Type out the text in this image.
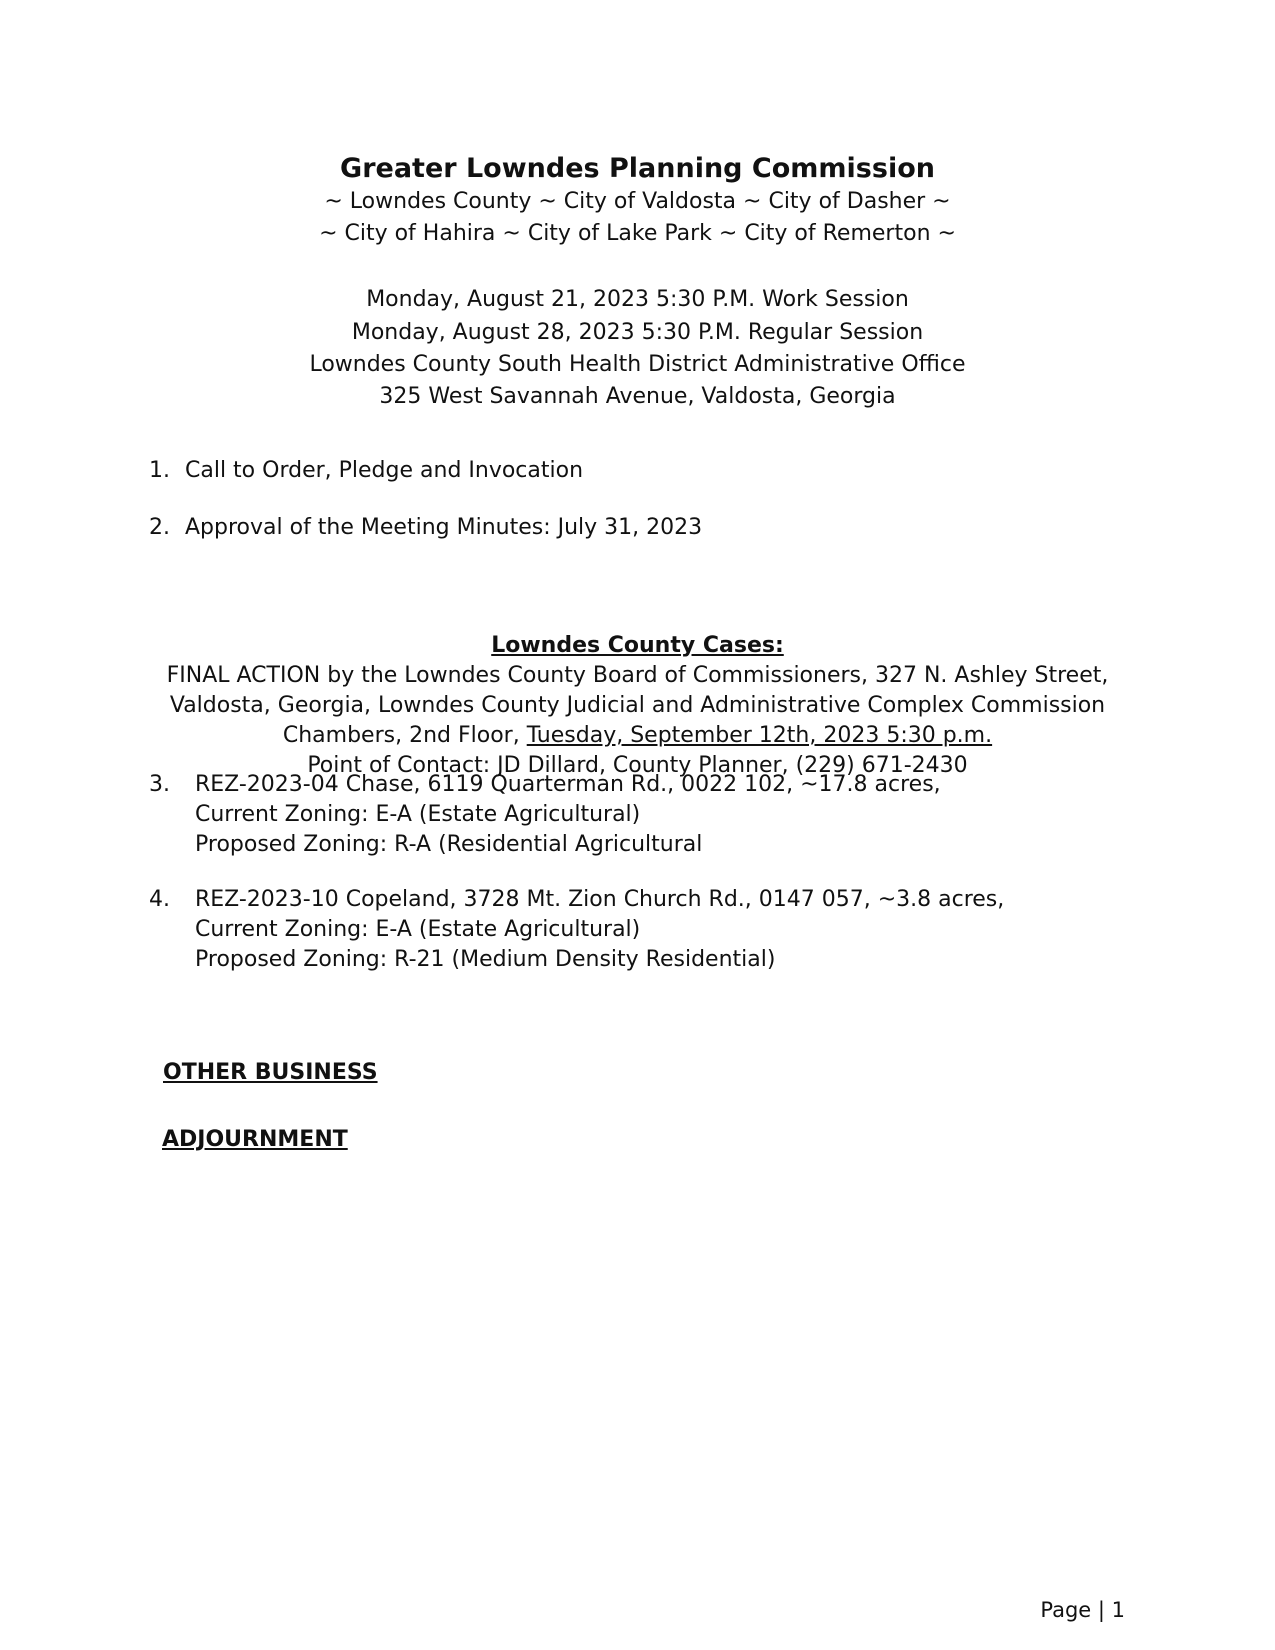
Greater Lowndes Planning Commission
~ Lowndes County ~ City of Valdosta ~ City of Dasher ~
~ City of Hahira ~ City of Lake Park ~ City of Remerton ~
Monday, August 21, 2023 5:30 P.M. Work Session
Monday, August 28, 2023 5:30 P.M. Regular Session
Lowndes County South Health District Administrative Office
325 West Savannah Avenue, Valdosta, Georgia
1. Call to Order, Pledge and Invocation
2. Approval of the Meeting Minutes: July 31, 2023
Lowndes County Cases:
FINAL ACTION by the Lowndes County Board of Commissioners, 327 N. Ashley Street,
Valdosta, Georgia, Lowndes County Judicial and Administrative Complex Commission
Chambers, 2nd Floor, Tuesday, September 12th, 2023 5:30 p.m.
Point of Contact: JD Dillard, County Planner, (229) 671-2430
3. REZ-2023-04 Chase, 6119 Quarterman Rd., 0022 102, ~17.8 acres,
Current Zoning: E-A (Estate Agricultural)
Proposed Zoning: R-A (Residential Agricultural
4. REZ-2023-10 Copeland, 3728 Mt. Zion Church Rd., 0147 057, ~3.8 acres,
Current Zoning: E-A (Estate Agricultural)
Proposed Zoning: R-21 (Medium Density Residential)
OTHER BUSINESS
ADJOURNMENT
Page | 1
